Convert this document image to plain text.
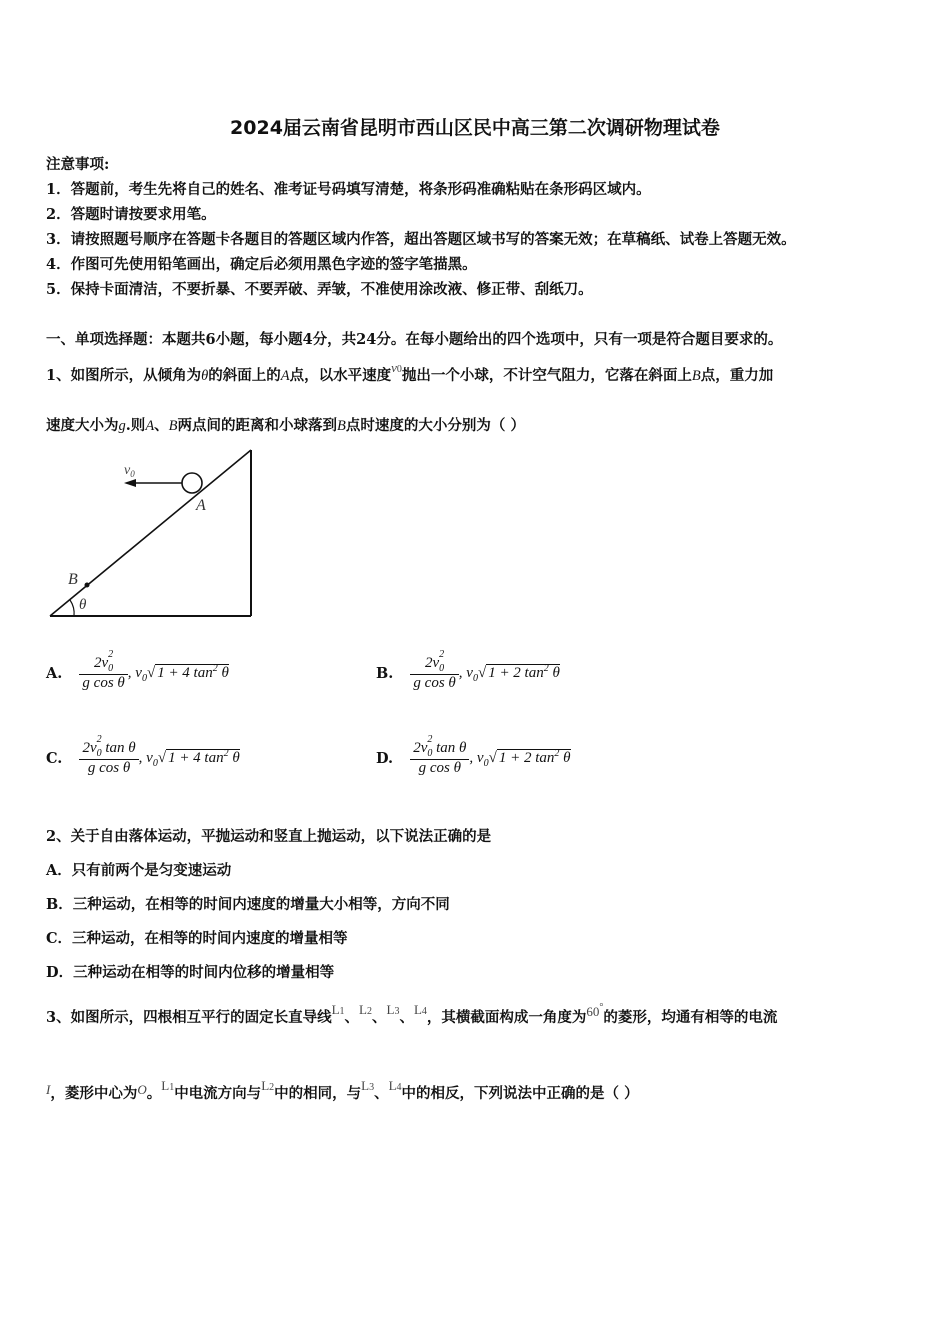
2024届云南省昆明市西山区民中高三第二次调研物理试卷
注意事项:
1．答题前，考生先将自己的姓名、准考证号码填写清楚，将条形码准确粘贴在条形码区域内。
2．答题时请按要求用笔。
3．请按照题号顺序在答题卡各题目的答题区域内作答，超出答题区域书写的答案无效；在草稿纸、试卷上答题无效。
4．作图可先使用铅笔画出，确定后必须用黑色字迹的签字笔描黑。
5．保持卡面清洁，不要折暴、不要弄破、弄皱，不准使用涂改液、修正带、刮纸刀。
一、单项选择题：本题共6小题，每小题4分，共24分。在每小题给出的四个选项中，只有一项是符合题目要求的。
1、如图所示，从倾角为θ的斜面上的A点，以水平速度v0抛出一个小球，不计空气阻力，它落在斜面上B点，重力加
速度大小为g.则A、B两点间的距离和小球落到B点时速度的大小分别为（ ）
$v_0$
A
B
θ
A. 2v
2
$_0$
g cos θ , $v_0√$ 1 + 4 $\tan^2 \theta$	B. 2v
2
$_0$
g cos θ , $v_0√$ 1 + 2 $\tan^2 \theta$
C. 2v
2
$_0$ tan θ
g cos θ , $v_0√$ 1 + 4 $\tan^2 \theta$	D. 2v
2
$_0$ tan θ
g cos θ , $v_0√$ 1 + 2 $\tan^2 \theta$
2、关于自由落体运动，平抛运动和竖直上抛运动，以下说法正确的是
A．只有前两个是匀变速运动
B．三种运动，在相等的时间内速度的增量大小相等，方向不同
C．三种运动，在相等的时间内速度的增量相等
D．三种运动在相等的时间内位移的增量相等
3、如图所示，四根相互平行的固定长直导线L1、L2、L3、L4，其横截面构成一角度为60°的菱形，均通有相等的电流
I，菱形中心为O。L1中电流方向与L2中的相同，与L3、L4中的相反，下列说法中正确的是（ ）
